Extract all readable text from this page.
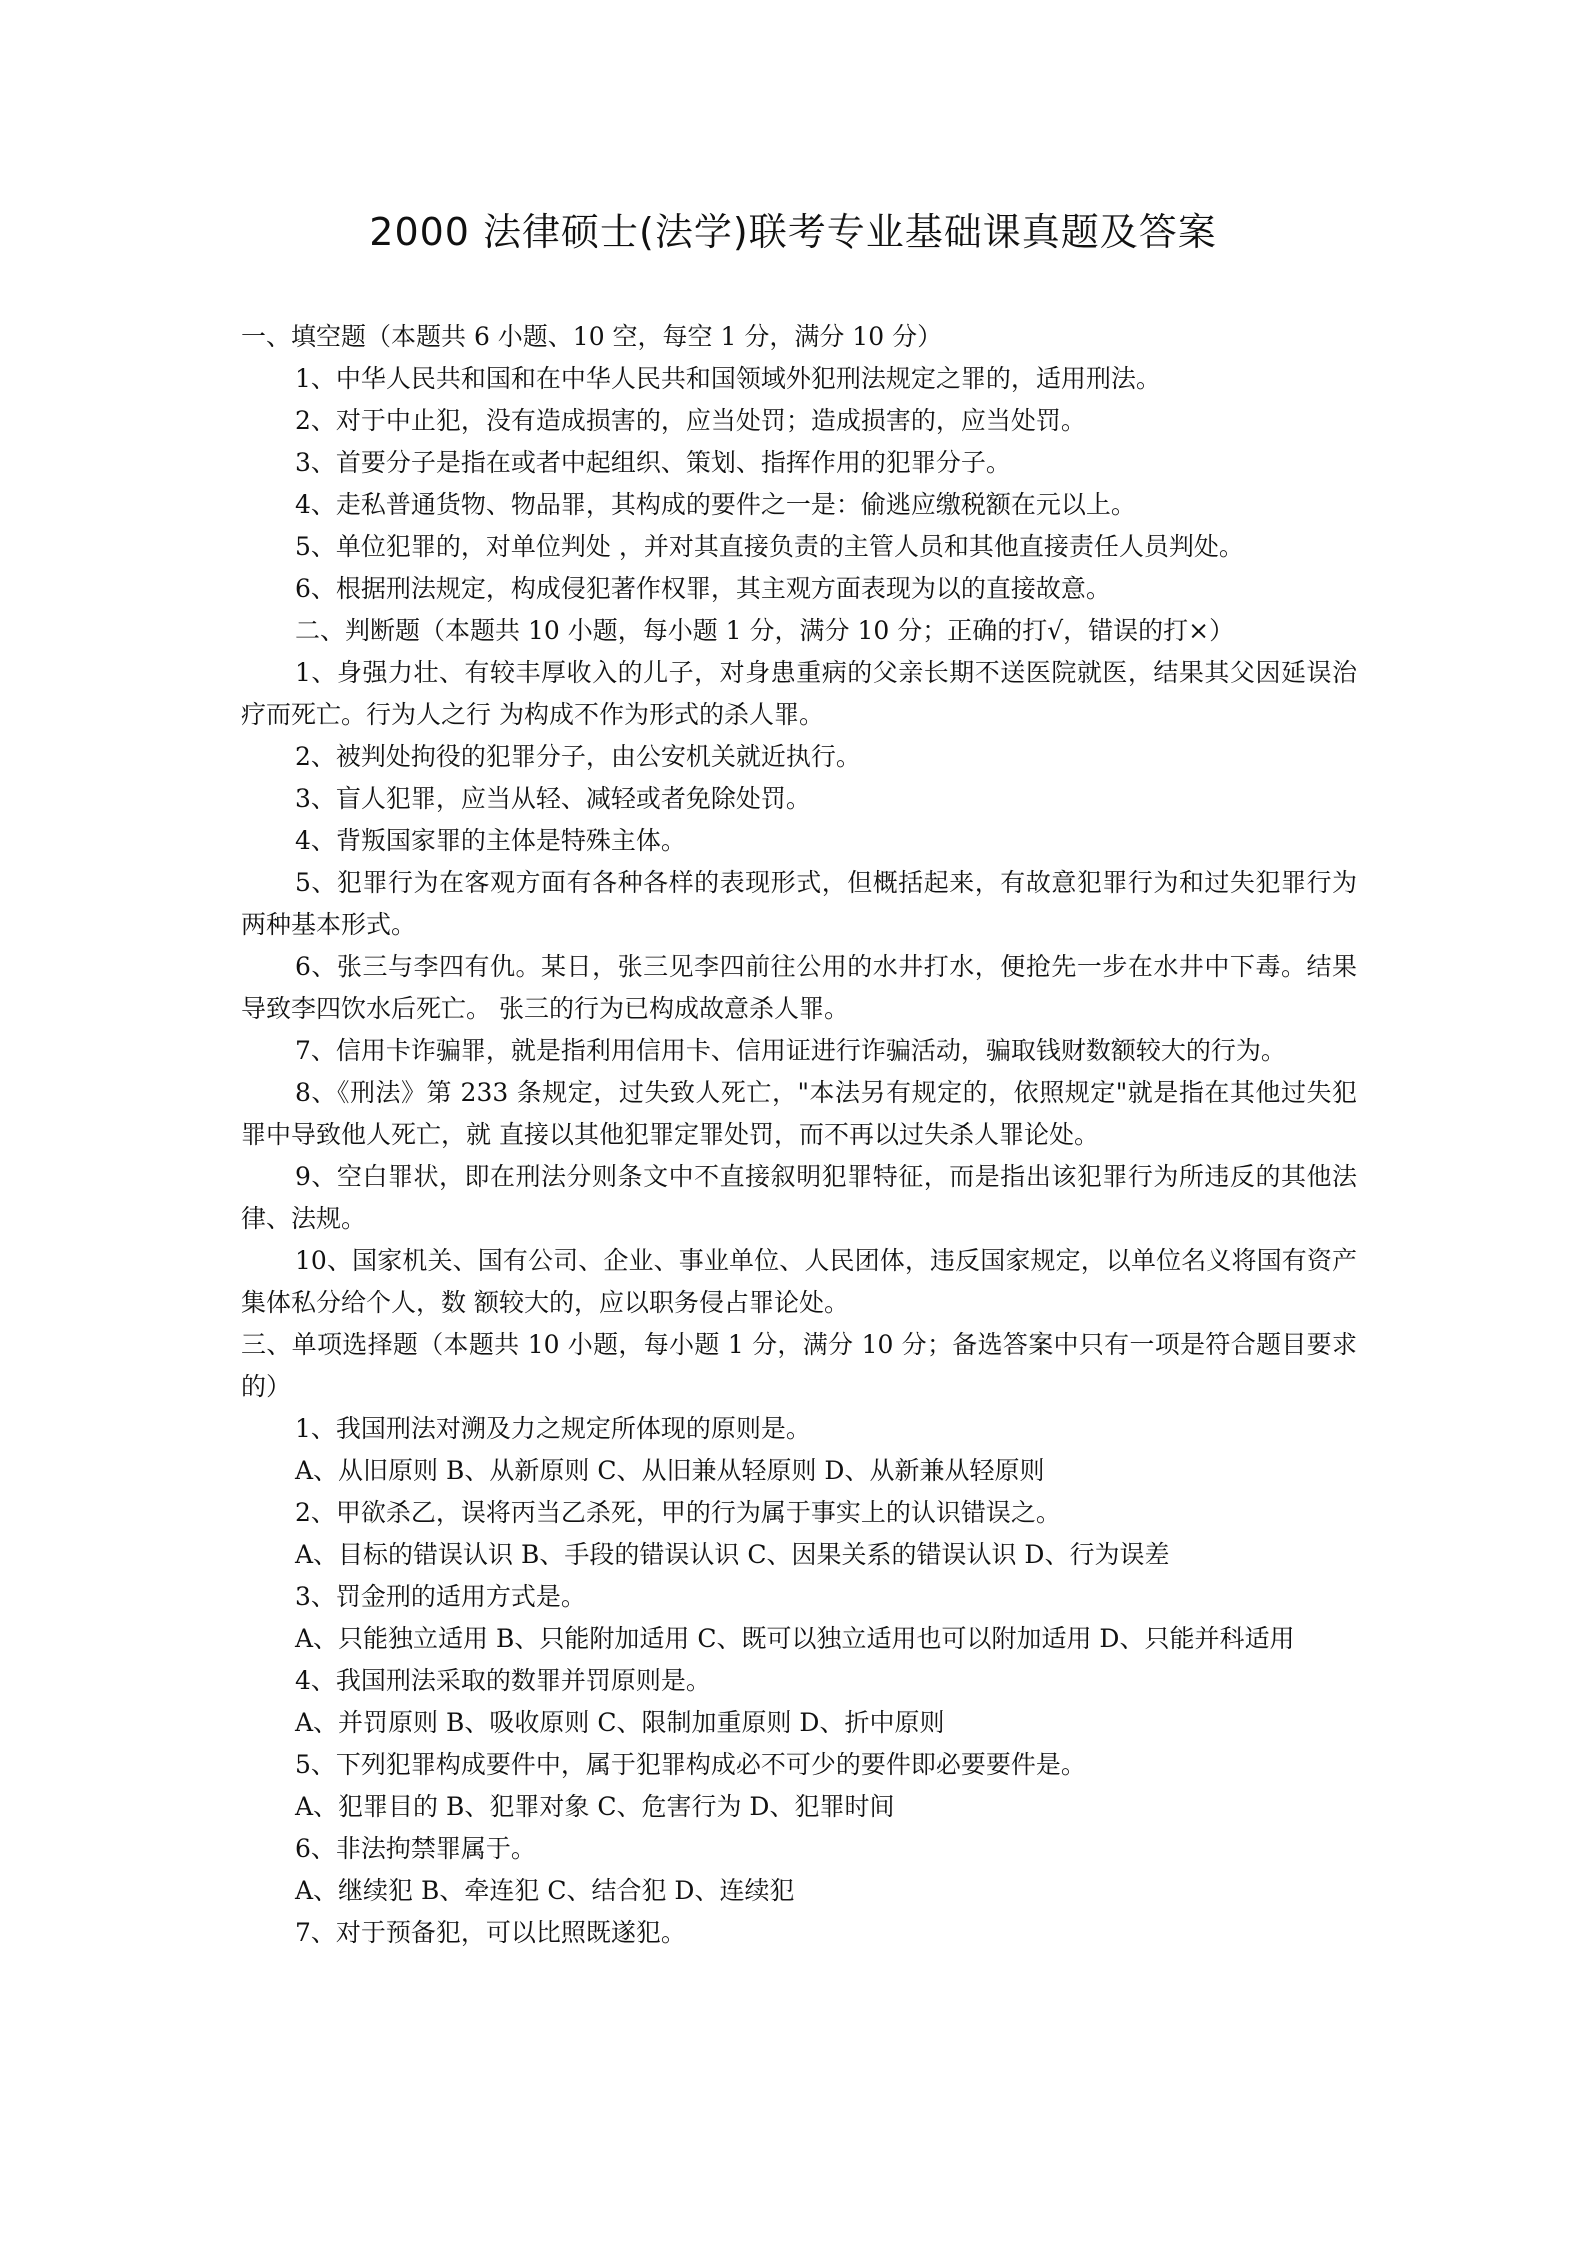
2000 法律硕士(法学)联考专业基础课真题及答案
一、填空题（本题共 6 小题、10 空，每空 1 分，满分 10 分）
1、中华人民共和国和在中华人民共和国领域外犯刑法规定之罪的，适用刑法。
2、对于中止犯，没有造成损害的，应当处罚；造成损害的，应当处罚。
3、首要分子是指在或者中起组织、策划、指挥作用的犯罪分子。
4、走私普通货物、物品罪，其构成的要件之一是：偷逃应缴税额在元以上。
5、单位犯罪的，对单位判处 ，并对其直接负责的主管人员和其他直接责任人员判处。
6、根据刑法规定，构成侵犯著作权罪，其主观方面表现为以的直接故意。
二、判断题（本题共 10 小题，每小题 1 分，满分 10 分；正确的打√，错误的打×）
1、身强力壮、有较丰厚收入的儿子，对身患重病的父亲长期不送医院就医，结果其父因延误治疗而死亡。行为人之行 为构成不作为形式的杀人罪。
2、被判处拘役的犯罪分子，由公安机关就近执行。
3、盲人犯罪，应当从轻、减轻或者免除处罚。
4、背叛国家罪的主体是特殊主体。
5、犯罪行为在客观方面有各种各样的表现形式，但概括起来，有故意犯罪行为和过失犯罪行为两种基本形式。
6、张三与李四有仇。某日，张三见李四前往公用的水井打水，便抢先一步在水井中下毒。结果导致李四饮水后死亡。 张三的行为已构成故意杀人罪。
7、信用卡诈骗罪，就是指利用信用卡、信用证进行诈骗活动，骗取钱财数额较大的行为。
8、《刑法》第 233 条规定，过失致人死亡，"本法另有规定的，依照规定"就是指在其他过失犯罪中导致他人死亡，就 直接以其他犯罪定罪处罚，而不再以过失杀人罪论处。
9、空白罪状，即在刑法分则条文中不直接叙明犯罪特征，而是指出该犯罪行为所违反的其他法律、法规。
10、国家机关、国有公司、企业、事业单位、人民团体，违反国家规定，以单位名义将国有资产集体私分给个人，数 额较大的，应以职务侵占罪论处。
三、单项选择题（本题共 10 小题，每小题 1 分，满分 10 分；备选答案中只有一项是符合题目要求的）
1、我国刑法对溯及力之规定所体现的原则是。
A、从旧原则 B、从新原则 C、从旧兼从轻原则 D、从新兼从轻原则
2、甲欲杀乙，误将丙当乙杀死，甲的行为属于事实上的认识错误之。
A、目标的错误认识 B、手段的错误认识 C、因果关系的错误认识 D、行为误差
3、罚金刑的适用方式是。
A、只能独立适用 B、只能附加适用 C、既可以独立适用也可以附加适用 D、只能并科适用
4、我国刑法采取的数罪并罚原则是。
A、并罚原则 B、吸收原则 C、限制加重原则 D、折中原则
5、下列犯罪构成要件中，属于犯罪构成必不可少的要件即必要要件是。
A、犯罪目的 B、犯罪对象 C、危害行为 D、犯罪时间
6、非法拘禁罪属于。
A、继续犯 B、牵连犯 C、结合犯 D、连续犯
7、对于预备犯，可以比照既遂犯。
